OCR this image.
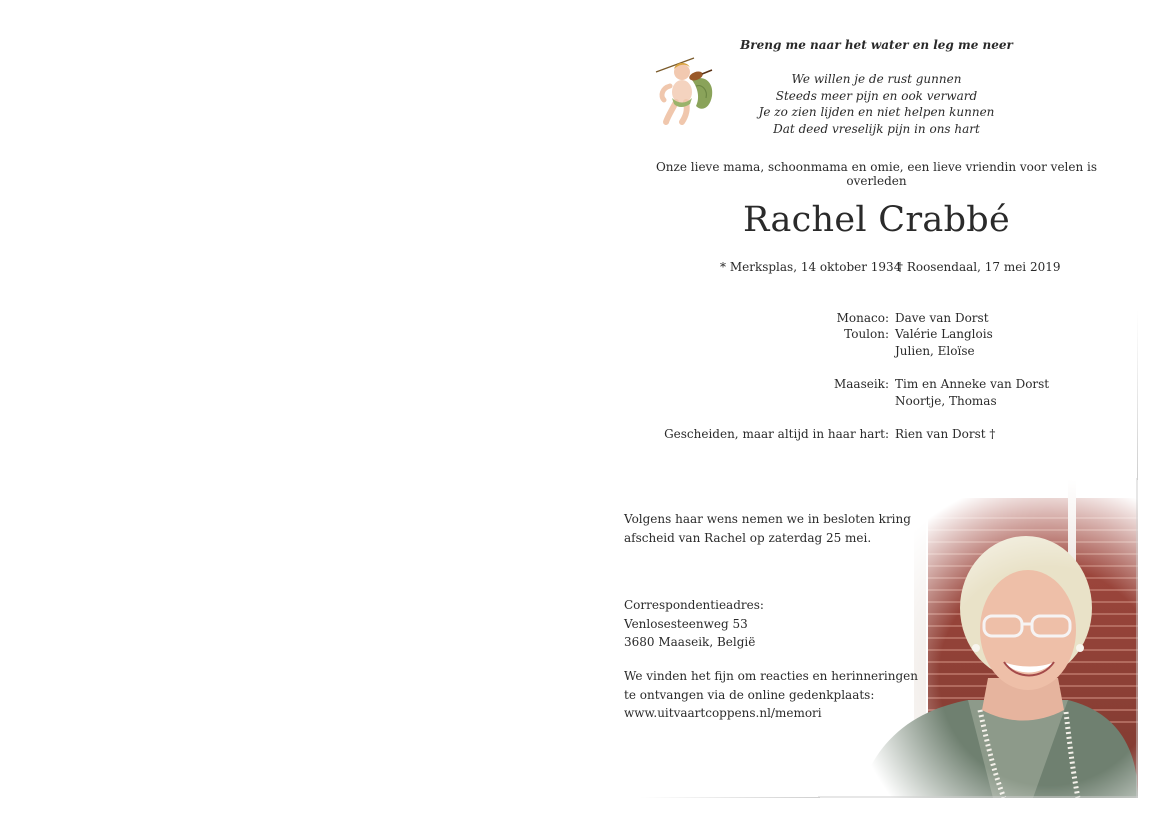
Breng me naar het water en leg me neer
We willen je de rust gunnen
Steeds meer pijn en ook verward
Je zo zien lijden en niet helpen kunnen
Dat deed vreselijk pijn in ons hart
Onze lieve mama, schoonmama en omie, een lieve vriendin voor velen is overleden
Rachel Crabbé
* Merksplas, 14 oktober 1934
† Roosendaal, 17 mei 2019
Monaco: Dave van Dorst
Toulon: Valérie Langlois
Julien, Eloïse
Maaseik: Tim en Anneke van Dorst
Noortje, Thomas
Gescheiden, maar altijd in haar hart: Rien van Dorst †
Volgens haar wens nemen we in besloten kring
afscheid van Rachel op zaterdag 25 mei.
Correspondentieadres:
Venlosesteenweg 53
3680 Maaseik, België
We vinden het fijn om reacties en herinneringen
te ontvangen via de online gedenkplaats:
www.uitvaartcoppens.nl/memori
